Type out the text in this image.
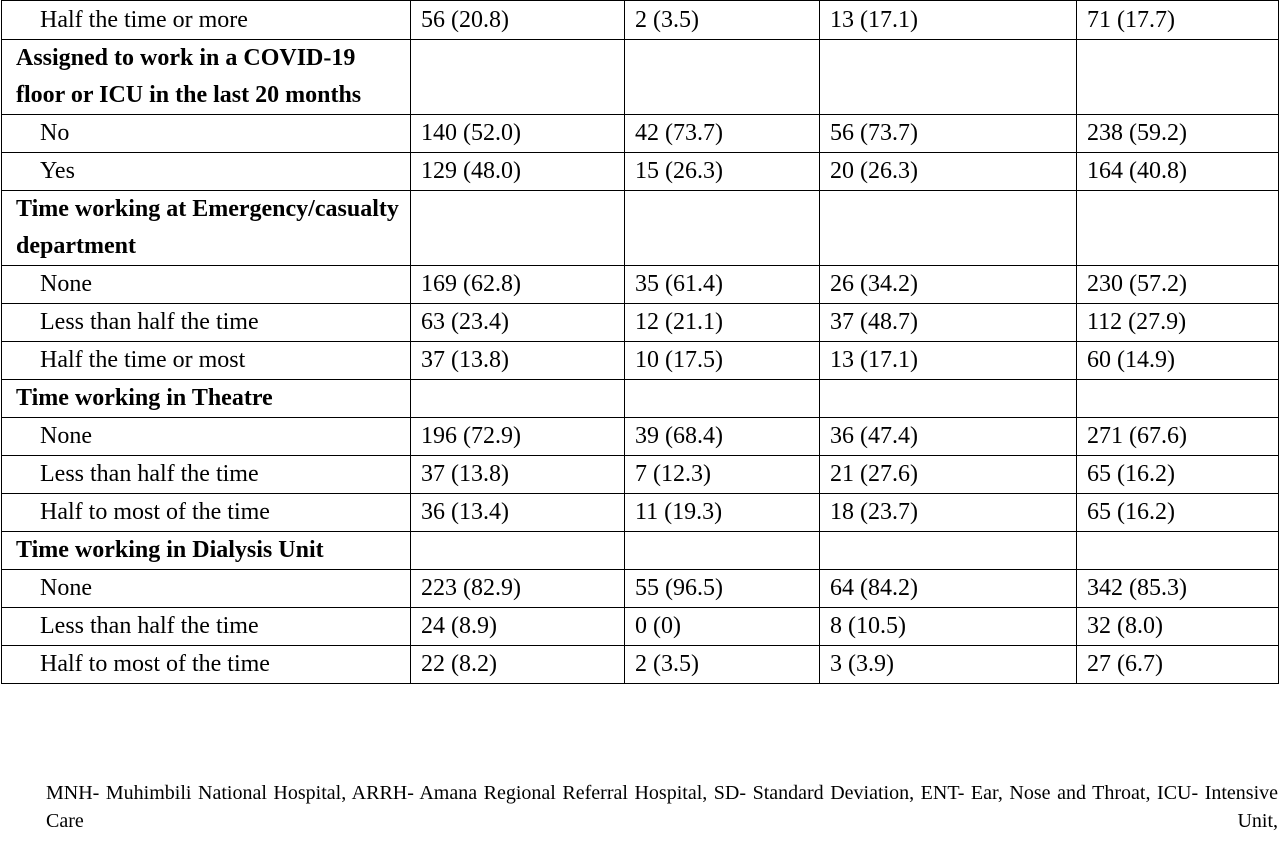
Half the time or more	56 (20.8)	2 (3.5)	13 (17.1)	71 (17.7)
Assigned to work in a COVID-19 floor or ICU in the last 20 months				
No	140 (52.0)	42 (73.7)	56 (73.7)	238 (59.2)
Yes	129 (48.0)	15 (26.3)	20 (26.3)	164 (40.8)
Time working at Emergency/casualty department				
None	169 (62.8)	35 (61.4)	26 (34.2)	230 (57.2)
Less than half the time	63 (23.4)	12 (21.1)	37 (48.7)	112 (27.9)
Half the time or most	37 (13.8)	10 (17.5)	13 (17.1)	60 (14.9)
Time working in Theatre				
None	196 (72.9)	39 (68.4)	36 (47.4)	271 (67.6)
Less than half the time	37 (13.8)	7 (12.3)	21 (27.6)	65 (16.2)
Half to most of the time	36 (13.4)	11 (19.3)	18 (23.7)	65 (16.2)
Time working in Dialysis Unit				
None	223 (82.9)	55 (96.5)	64 (84.2)	342 (85.3)
Less than half the time	24 (8.9)	0 (0)	8 (10.5)	32 (8.0)
Half to most of the time	22 (8.2)	2 (3.5)	3 (3.9)	27 (6.7)
MNH- Muhimbili National Hospital, ARRH- Amana Regional Referral Hospital, SD- Standard Deviation, ENT- Ear, Nose and Throat, ICU- Intensive Care Unit,
